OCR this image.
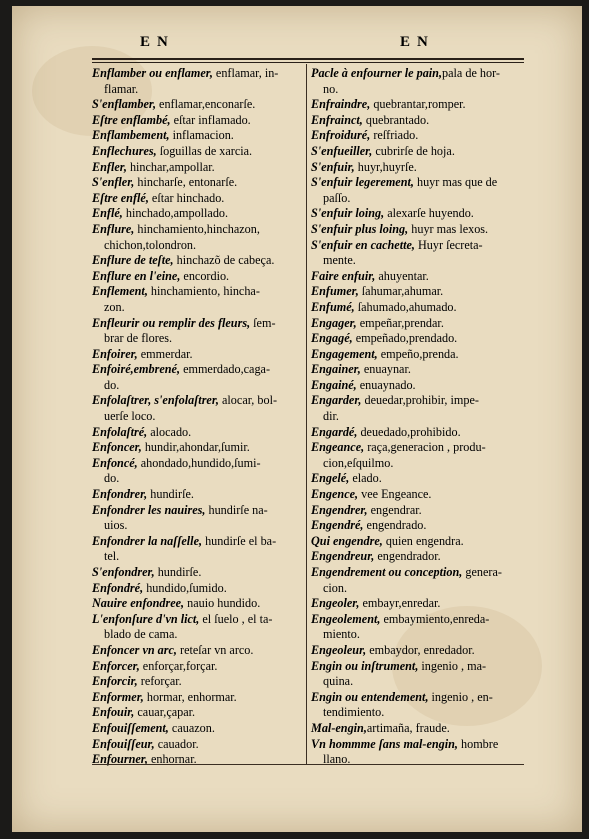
EN	EN
Enflamber ou enflamer, enflamar, in-
flamar.
S'enflamber, enflamar,enconarſe.
Eſtre enflambé, eſtar inflamado.
Enflambement, inflamacion.
Enflechures, ſoguillas de xarcia.
Enfler, hinchar,ampollar.
S'enfler, hincharſe, entonarſe.
Eſtre enflé, eſtar hinchado.
Enflé, hinchado,ampollado.
Enflure, hinchamiento,hinchazon,
chichon,tolondron.
Enflure de teſte, hinchazõ de cabeça.
Enflure en l'eine, encordio.
Enflement, hinchamiento, hincha-
zon.
Enfleurir ou remplir des fleurs, ſem-
brar de flores.
Enfoirer, emmerdar.
Enfoiré,embrené, emmerdado,caga-
do.
Enfolaſtrer, s'enfolaſtrer, alocar, bol-
uerſe loco.
Enfolaſtré, alocado.
Enfoncer, hundir,ahondar,ſumir.
Enfoncé, ahondado,hundido,ſumi-
do.
Enfondrer, hundirſe.
Enfondrer les nauires, hundirſe na-
uios.
Enfondrer la naſſelle, hundirſe el ba-
tel.
S'enfondrer, hundirſe.
Enfondré, hundido,ſumido.
Nauire enfondree, nauio hundido.
L'enfonſure d'vn lict, el ſuelo , el ta-
blado de cama.
Enfoncer vn arc, reteſar vn arco.
Enforcer, enforçar,forçar.
Enforcir, reforçar.
Enformer, hormar, enhormar.
Enfouir, cauar,çapar.
Enfouiſſement, cauazon.
Enfouiſſeur, cauador.
Enfourner, enhornar.
Pacle à enfourner le pain,pala de hor-
no.
Enfraindre, quebrantar,romper.
Enfrainct, quebrantado.
Enfroiduré, reſfriado.
S'enfueiller, cubrirſe de hoja.
S'enfuir, huyr,huyrſe.
S'enfuir legerement, huyr mas que de
paſſo.
S'enfuir loing, alexarſe huyendo.
S'enfuir plus loing, huyr mas lexos.
S'enfuir en cachette, Huyr ſecreta-
mente.
Faire enfuir, ahuyentar.
Enfumer, ſahumar,ahumar.
Enfumé, ſahumado,ahumado.
Engager, empeñar,prendar.
Engagé, empeñado,prendado.
Engagement, empeño,prenda.
Engainer, enuaynar.
Engainé, enuaynado.
Engarder, deuedar,prohibir, impe-
dir.
Engardé, deuedado,prohibido.
Engeance, raça,generacion , produ-
cion,eſquilmo.
Engelé, elado.
Engence, vee Engeance.
Engendrer, engendrar.
Engendré, engendrado.
Qui engendre, quien engendra.
Engendreur, engendrador.
Engendrement ou conception, genera-
cion.
Engeoler, embayr,enredar.
Engeolement, embaymiento,enreda-
miento.
Engeoleur, embaydor, enredador.
Engin ou inſtrument, ingenio , ma-
quina.
Engin ou entendement, ingenio , en-
tendimiento.
Mal-engin,artimaña, fraude.
Vn hommme ſans mal-engin, hombre
llano.
